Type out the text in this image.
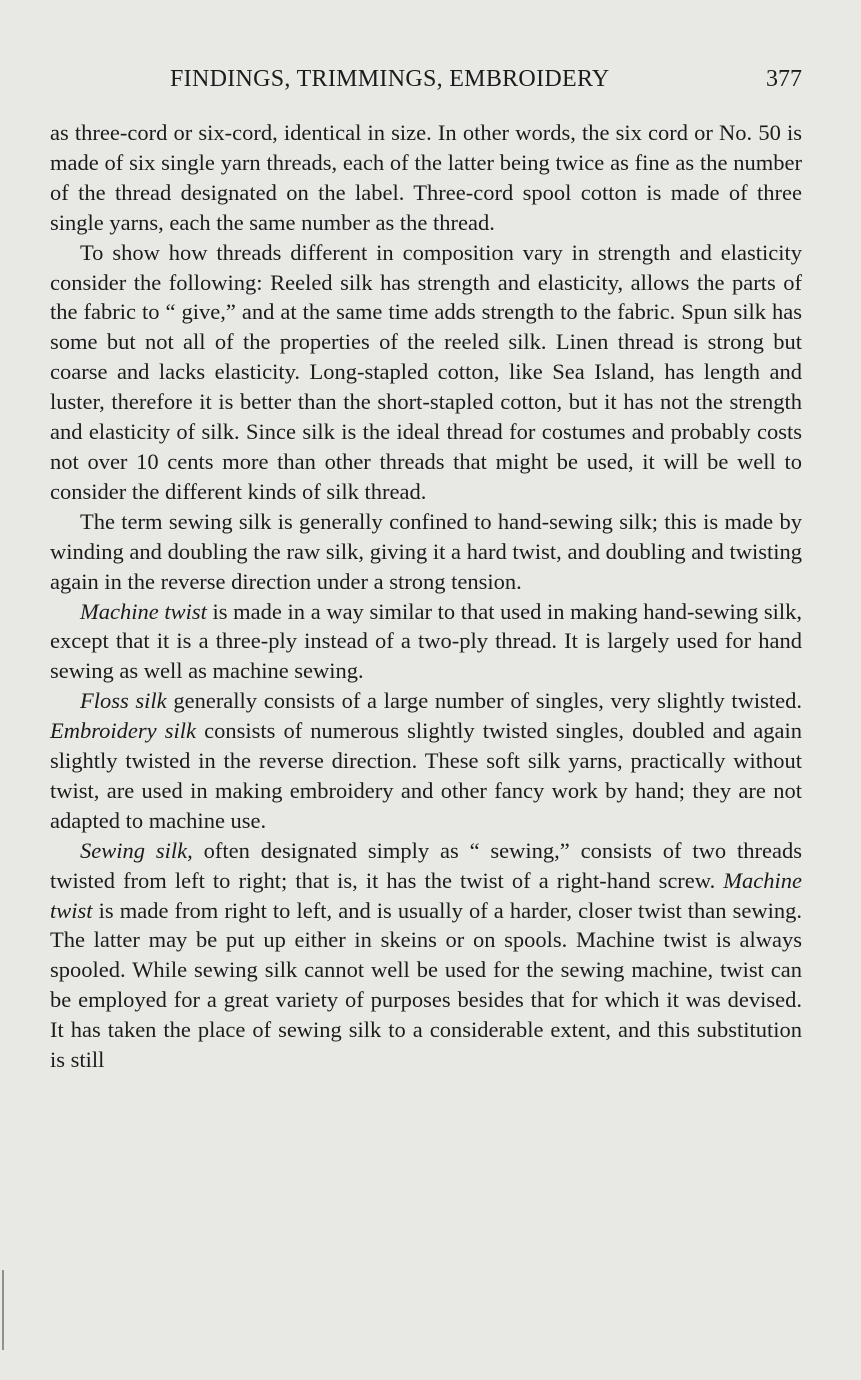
FINDINGS, TRIMMINGS, EMBROIDERY	377

as three-cord or six-cord, identical in size. In other words, the six cord or No. 50 is made of six single yarn threads, each of the latter being twice as fine as the number of the thread designated on the label. Three-cord spool cotton is made of three single yarns, each the same number as the thread.

To show how threads different in composition vary in strength and elasticity consider the following: Reeled silk has strength and elasticity, allows the parts of the fabric to “ give,” and at the same time adds strength to the fabric. Spun silk has some but not all of the properties of the reeled silk. Linen thread is strong but coarse and lacks elasticity. Long-stapled cotton, like Sea Island, has length and luster, therefore it is better than the short-stapled cotton, but it has not the strength and elasticity of silk. Since silk is the ideal thread for costumes and probably costs not over 10 cents more than other threads that might be used, it will be well to consider the different kinds of silk thread.

The term sewing silk is generally confined to hand-sewing silk; this is made by winding and doubling the raw silk, giving it a hard twist, and doubling and twisting again in the reverse direction under a strong tension.

Machine twist is made in a way similar to that used in making hand-sewing silk, except that it is a three-ply instead of a two-ply thread. It is largely used for hand sewing as well as machine sewing.

Floss silk generally consists of a large number of singles, very slightly twisted. Embroidery silk consists of numerous slightly twisted singles, doubled and again slightly twisted in the reverse direction. These soft silk yarns, practically without twist, are used in making embroidery and other fancy work by hand; they are not adapted to machine use.

Sewing silk, often designated simply as “ sewing,” consists of two threads twisted from left to right; that is, it has the twist of a right-hand screw. Machine twist is made from right to left, and is usually of a harder, closer twist than sewing. The latter may be put up either in skeins or on spools. Machine twist is always spooled. While sewing silk cannot well be used for the sewing machine, twist can be employed for a great variety of purposes besides that for which it was devised. It has taken the place of sewing silk to a considerable extent, and this substitution is still
